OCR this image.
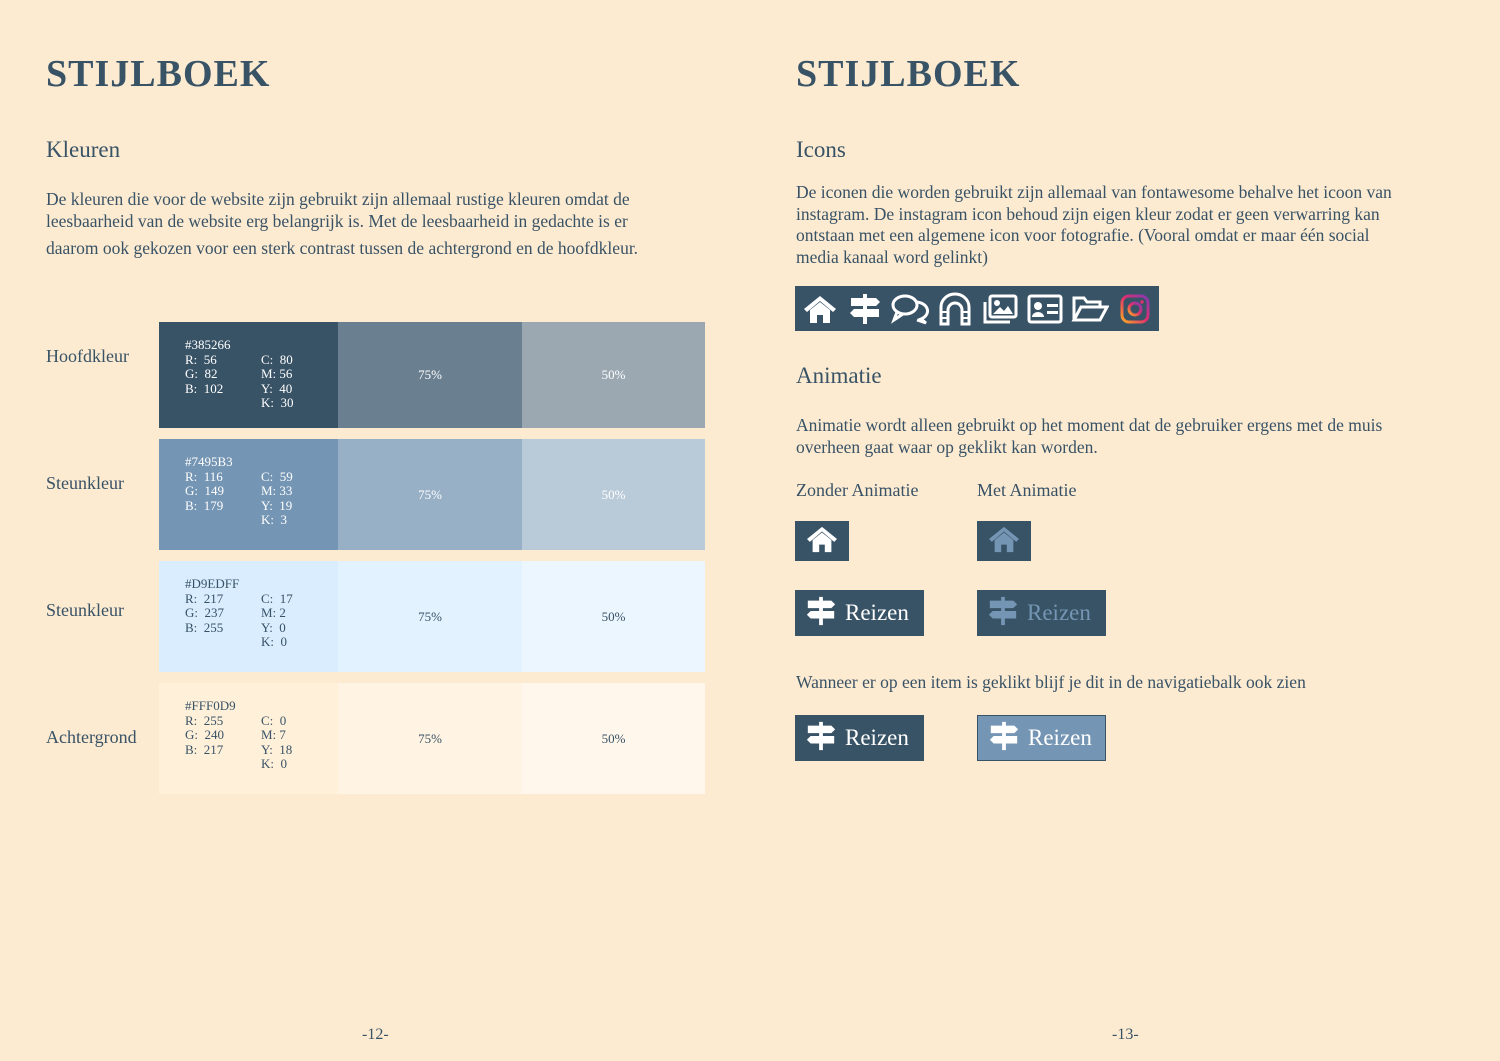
STIJLBOEK
Kleuren

De kleuren die voor de website zijn gebruikt zijn allemaal rustige kleuren omdat de
leesbaarheid van de website erg belangrijk is. Met de leesbaarheid in gedachte is er
daarom ook gekozen voor een sterk contrast tussen de achtergrond en de hoofdkleur.

Hoofdkleur
#385266
R:  56	C:  80
G:  82	M: 56
B:  102	Y:  40
K:  30
75%	50%
Steunkleur
#7495B3
R:  116	C:  59
G:  149	M: 33
B:  179	Y:  19
K:  3
75%	50%
Steunkleur
#D9EDFF
R:  217	C:  17
G:  237	M: 2
B:  255	Y:  0
K:  0
75%	50%
Achtergrond
#FFF0D9
R:  255	C:  0
G:  240	M: 7
B:  217	Y:  18
K:  0
75%	50%
-12-
STIJLBOEK
Icons

De iconen die worden gebruikt zijn allemaal van fontawesome behalve het icoon van
instagram. De instagram icon behoud zijn eigen kleur zodat er geen verwarring kan
ontstaan met een algemene icon voor fotografie. (Vooral omdat er maar één social
media kanaal word gelinkt)

Animatie

Animatie wordt alleen gebruikt op het moment dat de gebruiker ergens met de muis
overheen gaat waar op geklikt kan worden.

Zonder Animatie	Met Animatie
Reizen	Reizen

Wanneer er op een item is geklikt blijf je dit in de navigatiebalk ook zien

Reizen	Reizen
-13-
